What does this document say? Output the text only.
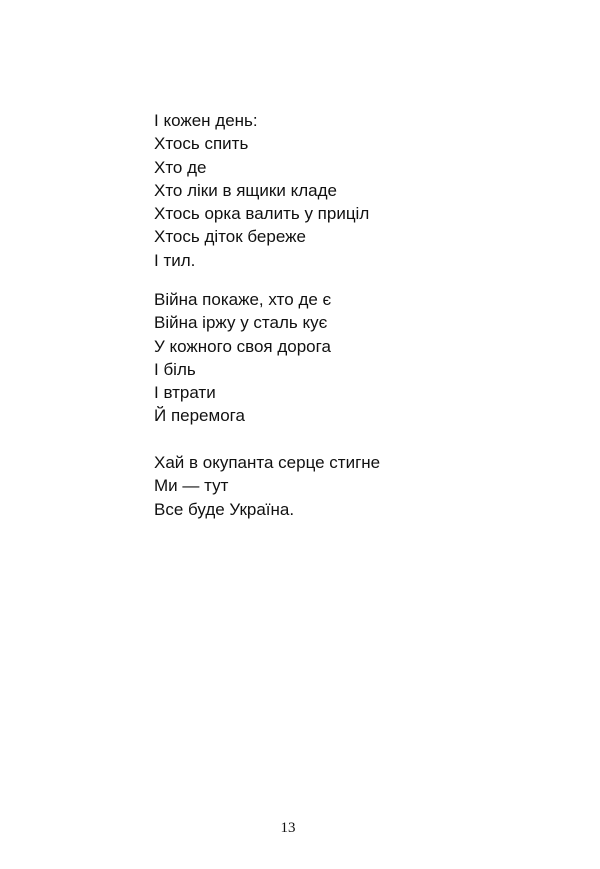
І кожен день:
Хтось спить
Хто де
Хто ліки в ящики кладе
Хтось орка валить у приціл
Хтось діток береже
І тил.
Війна покаже, хто де є
Війна іржу у сталь кує
У кожного своя дорога
І біль
І втрати
Й перемога
Хай в окупанта серце стигне
Ми — тут
Все буде Україна.
13
